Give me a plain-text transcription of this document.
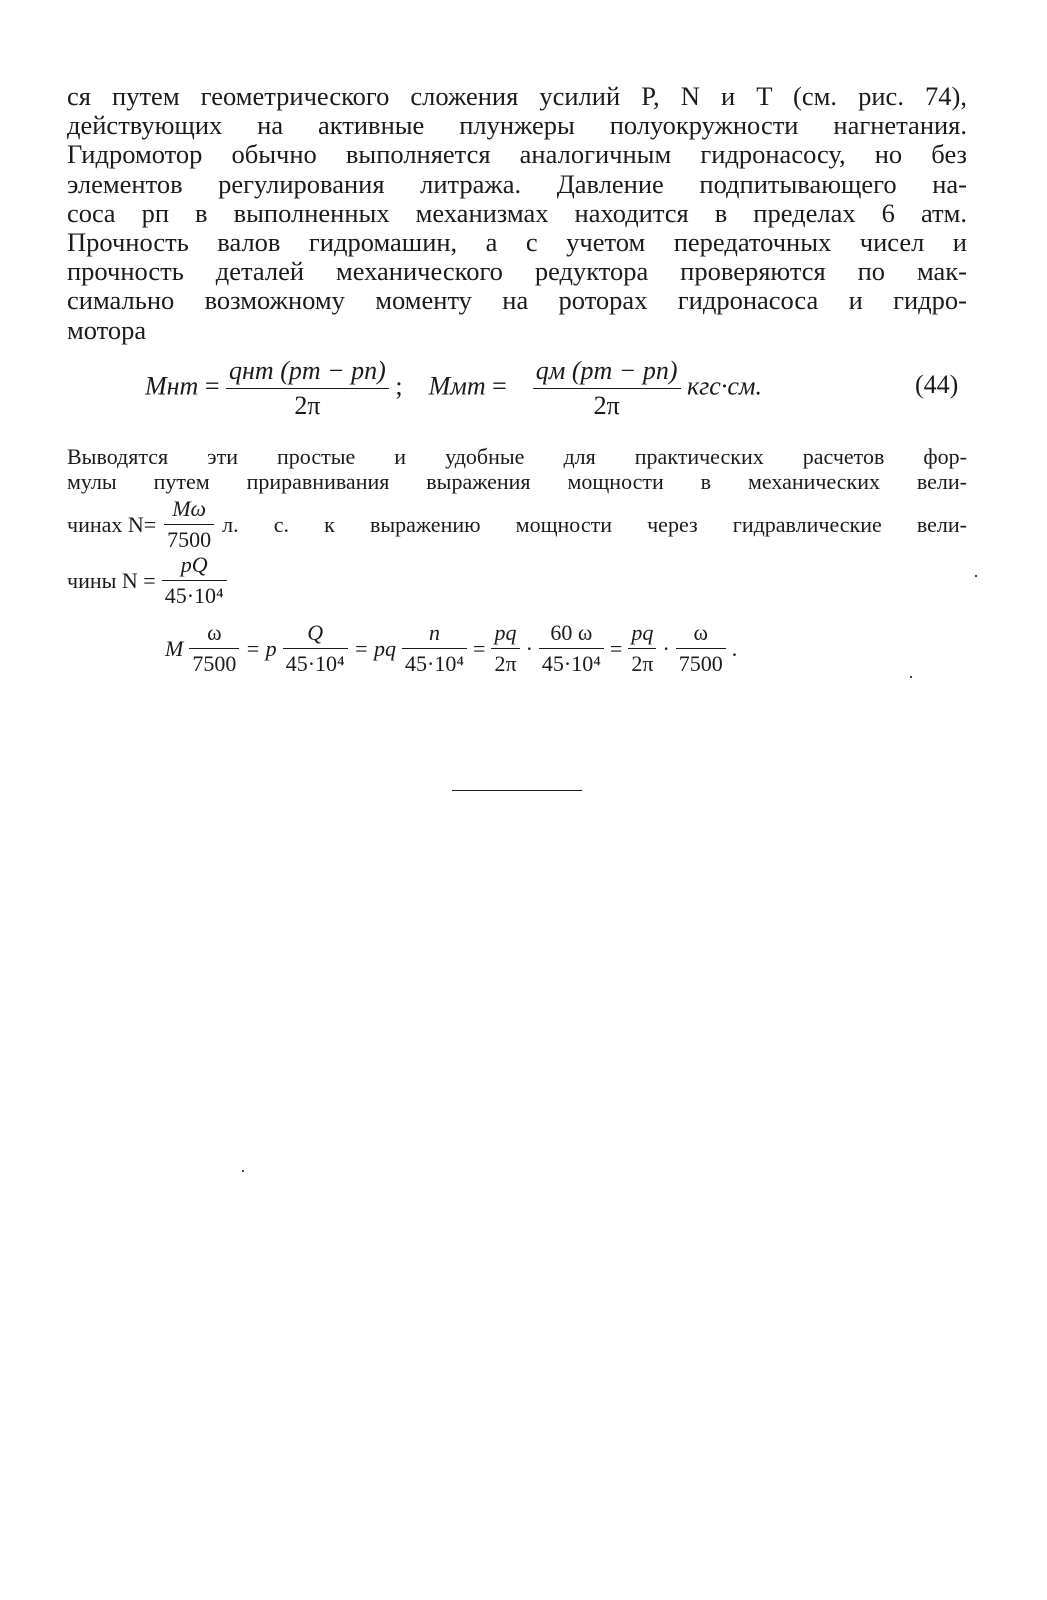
ся путем геометрического сложения усилий P, N и T (см. рис. 74),
действующих на активные плунжеры полуокружности нагнетания.
Гидромотор обычно выполняется аналогичным гидронасосу, но без
элементов регулирования литража. Давление подпитывающего на-
coca pп в выполненных механизмах находится в пределах 6 атм.
Прочность валов гидромашин, а с учетом передаточных чисел и
прочность деталей механического редуктора проверяются по мак-
симально возможному моменту на роторах гидронасоса и гидро-
мотора
Mнт = $\frac{\text{qнт (pт − pп)}}{2\pi}$ ; Mмт = $\frac{qм (pт - pп)}{2\pi} кгс\cdot см$.	(44)
Выводятся эти простые и удобные для практических расчетов фор-
мулы путем приравнивания выражения мощности в механических вели-
чинах $N= \frac{M\omega}{7500} л$. с. к выражению мощности через гидравлические вели-
чины $N = \frac{pQ}{\text{45·10⁴}}$
M $\frac{\omega}{7500} = p \frac{Q}{\text{45·10⁴}}$ = pq $\frac{n}{\text{45·10⁴}} = \frac{pq}{2\pi} \cdot \frac{60 \omega}{\text{45·10⁴}} = \frac{pq}{2\pi} \cdot \frac{\omega}{7500}$ .
